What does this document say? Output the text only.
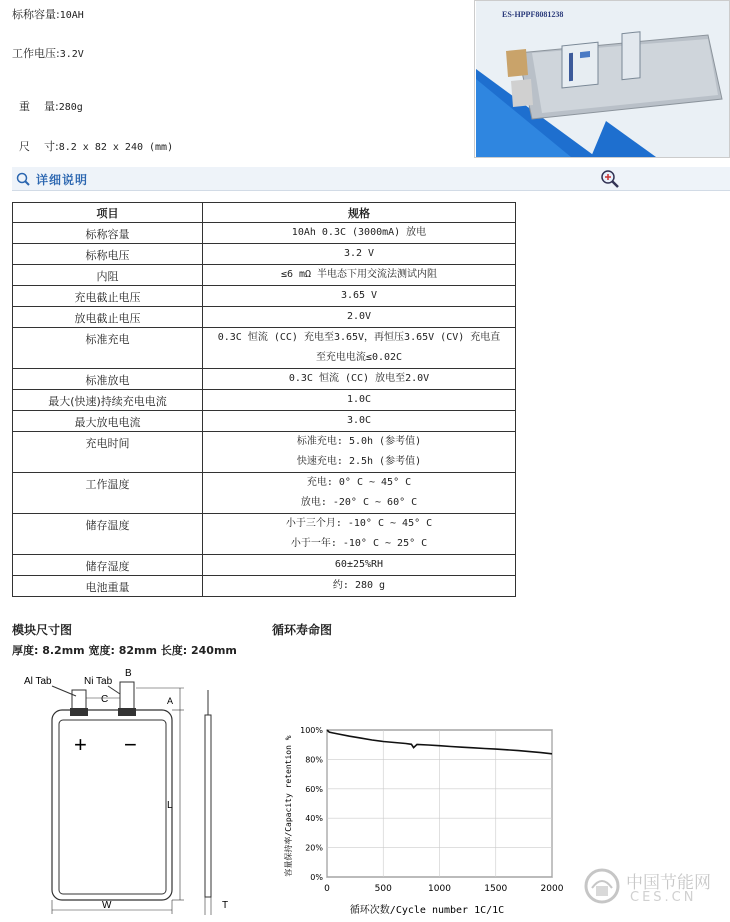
标称容量:10AH
工作电压:3.2V

重    量:280g

尺    寸:8.2 x 82 x 240 (mm)

ES-HPPF8081238
详细说明
项目	规格
标称容量	10Ah 0.3C (3000mA) 放电

标称电压	3.2 V

内阻	≤6 mΩ 半电态下用交流法测试内阻

充电截止电压	3.65 V

放电截止电压	2.0V

标准充电	0.3C 恒流 (CC) 充电至3.65V，再恒压3.65V (CV) 充电直
至充电电流≤0.02C

标准放电	0.3C 恒流 (CC) 放电至2.0V

最大(快速)持续充电电流	1.0C

最大放电电流	3.0C

充电时间	标准充电: 5.0h (参考值)
快速充电: 2.5h (参考值)

工作温度	充电: 0° C ~ 45° C
放电: -20° C ~ 60° C

储存温度	小于三个月: -10° C ~ 45° C
小于一年: -10° C ~ 25° C

储存湿度	60±25%RH

电池重量	约: 280 g
模块尺寸图
厚度: 8.2mm 宽度: 82mm 长度: 240mm
Al Tab	Ni Tab
B
C
+ −
A
L
W	T
循环寿命图
0%
20%
40%
60%
80%
100%
0	500	1000	1500	2000
循环次数/Cycle number 1C/1C
容量保持率/Capacity retention %
中国节能网
CES.CN
